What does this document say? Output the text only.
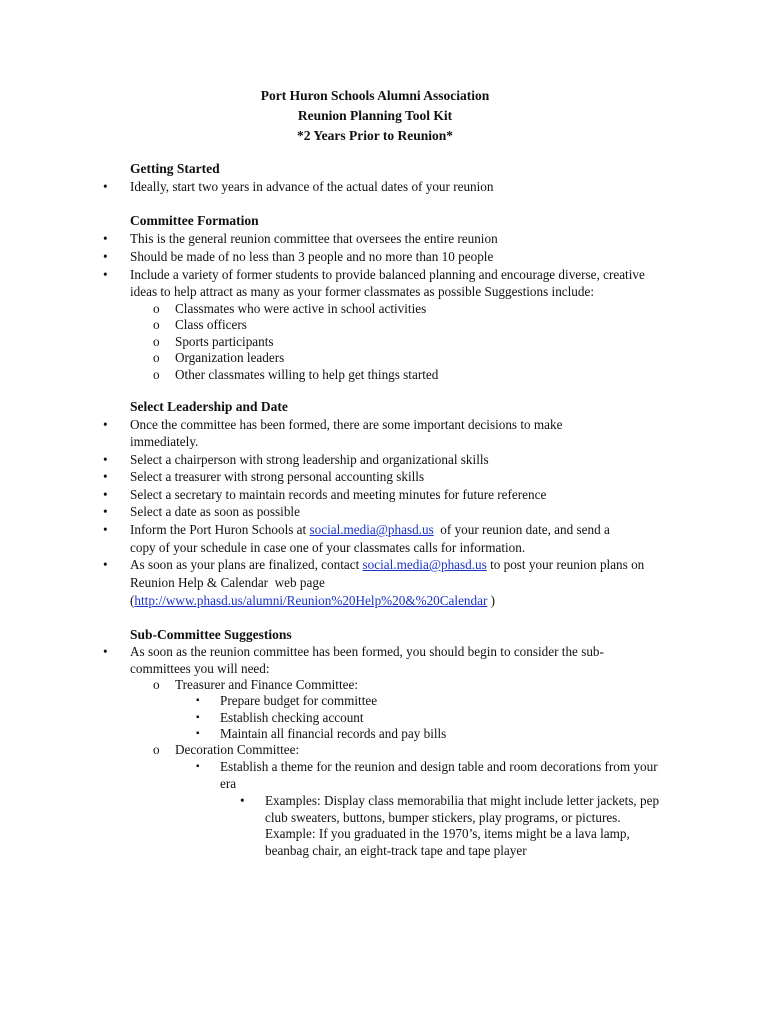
Port Huron Schools Alumni Association
Reunion Planning Tool Kit
*2 Years Prior to Reunion*
Getting Started
• Ideally, start two years in advance of the actual dates of your reunion
Committee Formation
• This is the general reunion committee that oversees the entire reunion
• Should be made of no less than 3 people and no more than 10 people
• Include a variety of former students to provide balanced planning and encourage diverse, creative
ideas to help attract as many as your former classmates as possible Suggestions include:
o Classmates who were active in school activities
o Class officers
o Sports participants
o Organization leaders
o Other classmates willing to help get things started
Select Leadership and Date
• Once the committee has been formed, there are some important decisions to make
immediately.
• Select a chairperson with strong leadership and organizational skills
• Select a treasurer with strong personal accounting skills
• Select a secretary to maintain records and meeting minutes for future reference
• Select a date as soon as possible
• Inform the Port Huron Schools at social.media@phasd.us  of your reunion date, and send a
copy of your schedule in case one of your classmates calls for information.
• As soon as your plans are finalized, contact social.media@phasd.us to post your reunion plans on
Reunion Help & Calendar  web page
(http://www.phasd.us/alumni/Reunion%20Help%20&%20Calendar )
Sub-Committee Suggestions
• As soon as the reunion committee has been formed, you should begin to consider the sub-
committees you will need:
o Treasurer and Finance Committee:
▪ Prepare budget for committee
▪ Establish checking account
▪ Maintain all financial records and pay bills
o Decoration Committee:
▪ Establish a theme for the reunion and design table and room decorations from your
era
• Examples: Display class memorabilia that might include letter jackets, pep
club sweaters, buttons, bumper stickers, play programs, or pictures.
Example: If you graduated in the 1970’s, items might be a lava lamp,
beanbag chair, an eight-track tape and tape player
